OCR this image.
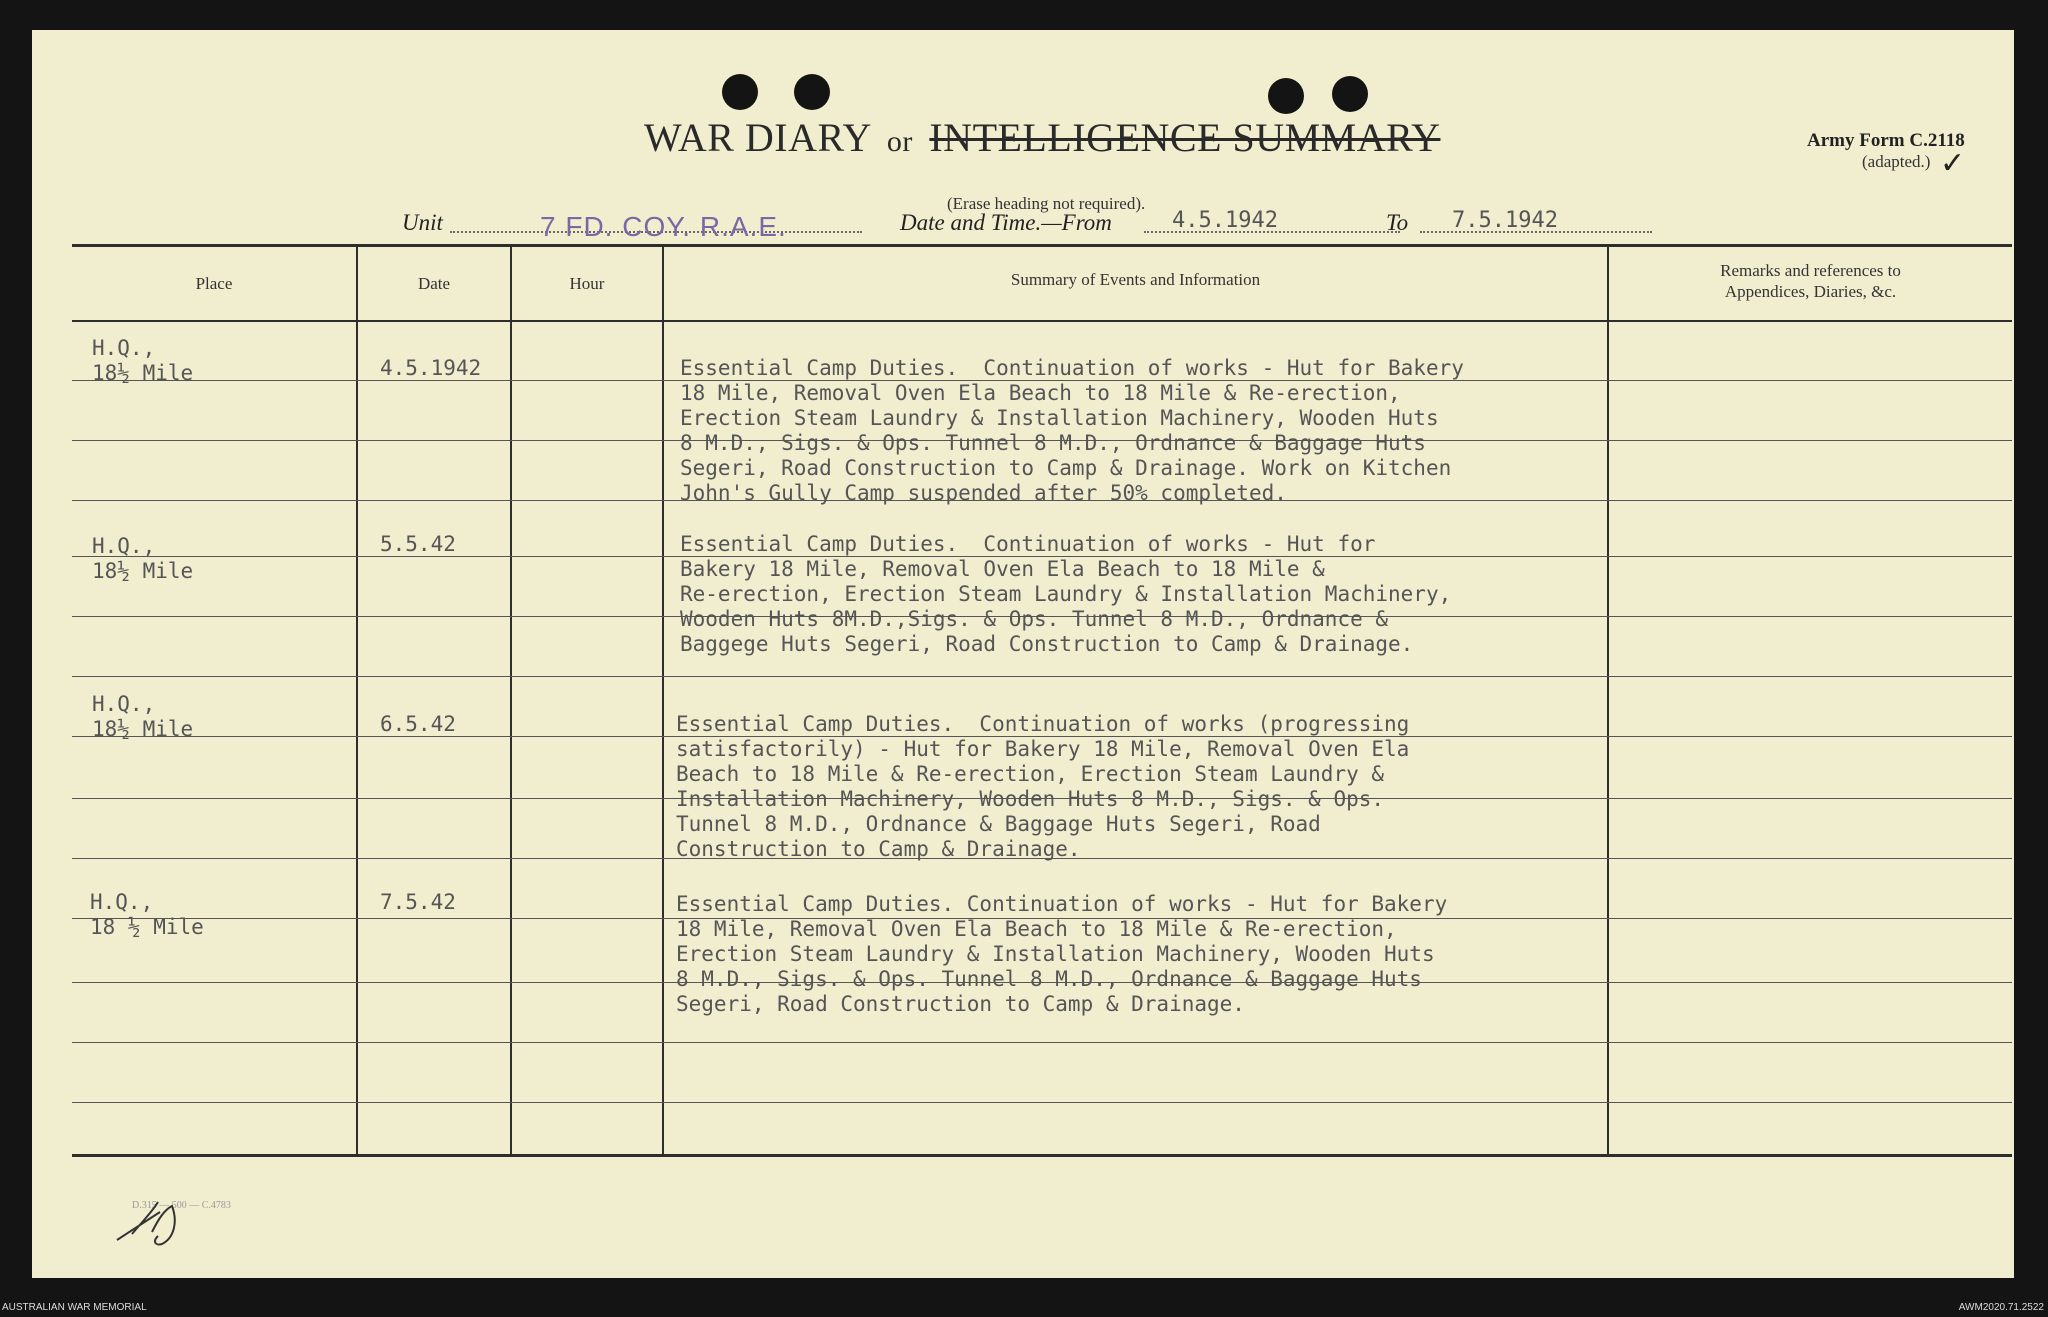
WAR DIARY or INTELLIGENCE SUMMARY
(Erase heading not required).
Army Form C.2118
(adapted.) ✓
Unit	7 FD. COY. R.A.E.	Date and Time.—From	4.5.1942	To 7.5.1942
Place	Date	Hour	Summary of Events and Information	Remarks and references to
Appendices, Diaries, &c.
H.Q.,
18½ Mile	4.5.1942	Essential Camp Duties.  Continuation of works - Hut for Bakery
18 Mile, Removal Oven Ela Beach to 18 Mile & Re-erection,
Erection Steam Laundry & Installation Machinery, Wooden Huts
8 M.D., Sigs. & Ops. Tunnel 8 M.D., Ordnance & Baggage Huts
Segeri, Road Construction to Camp & Drainage. Work on Kitchen
John's Gully Camp suspended after 50% completed.
H.Q.,
18½ Mile
5.5.42	Essential Camp Duties.  Continuation of works - Hut for
Bakery 18 Mile, Removal Oven Ela Beach to 18 Mile &
Re-erection, Erection Steam Laundry & Installation Machinery,
Wooden Huts 8M.D.,Sigs. & Ops. Tunnel 8 M.D., Ordnance &
Baggege Huts Segeri, Road Construction to Camp & Drainage.
H.Q.,
18½ Mile	6.5.42	Essential Camp Duties.  Continuation of works (progressing
satisfactorily) - Hut for Bakery 18 Mile, Removal Oven Ela
Beach to 18 Mile & Re-erection, Erection Steam Laundry &
Installation Machinery, Wooden Huts 8 M.D., Sigs. & Ops.
Tunnel 8 M.D., Ordnance & Baggage Huts Segeri, Road
Construction to Camp & Drainage.
H.Q.,
18 ½ Mile
7.5.42	Essential Camp Duties. Continuation of works - Hut for Bakery
18 Mile, Removal Oven Ela Beach to 18 Mile & Re-erection,
Erection Steam Laundry & Installation Machinery, Wooden Huts
8 M.D., Sigs. & Ops. Tunnel 8 M.D., Ordnance & Baggage Huts
Segeri, Road Construction to Camp & Drainage.
D.315 — 500 — C.4783
AUSTRALIAN WAR MEMORIAL	AWM2020.71.2522
